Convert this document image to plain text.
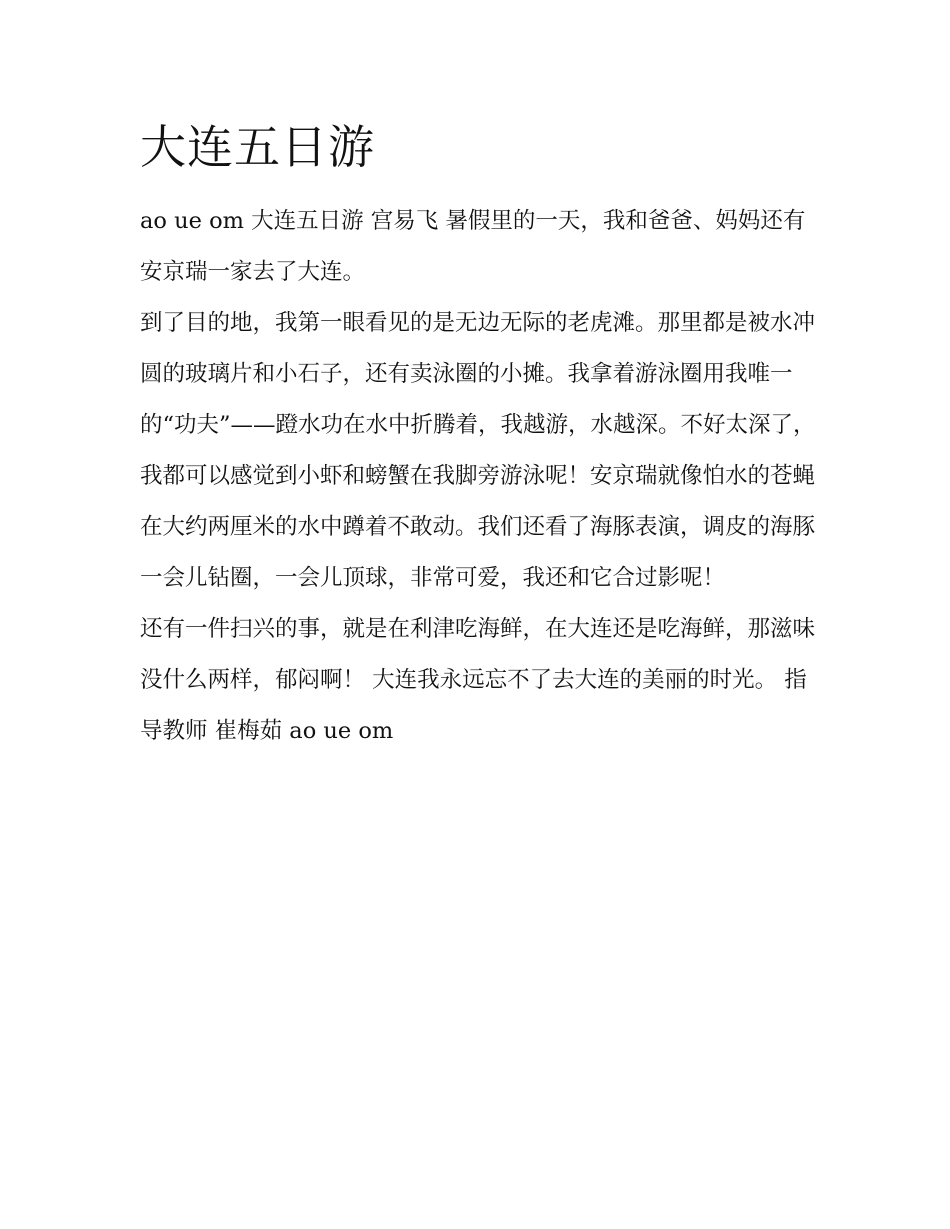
大连五日游

ao ue om 大连五日游 宫易飞 暑假里的一天，我和爸爸、妈妈还有安京瑞一家去了大连。

到了目的地，我第一眼看见的是无边无际的老虎滩。那里都是被水冲圆的玻璃片和小石子，还有卖泳圈的小摊。我拿着游泳圈用我唯一的“功夫”——蹬水功在水中折腾着，我越游，水越深。不好太深了，我都可以感觉到小虾和螃蟹在我脚旁游泳呢！安京瑞就像怕水的苍蝇在大约两厘米的水中蹲着不敢动。我们还看了海豚表演，调皮的海豚一会儿钻圈，一会儿顶球，非常可爱，我还和它合过影呢！

还有一件扫兴的事，就是在利津吃海鲜，在大连还是吃海鲜，那滋味没什么两样，郁闷啊！ 大连我永远忘不了去大连的美丽的时光。 指导教师 崔梅茹 ao ue om
